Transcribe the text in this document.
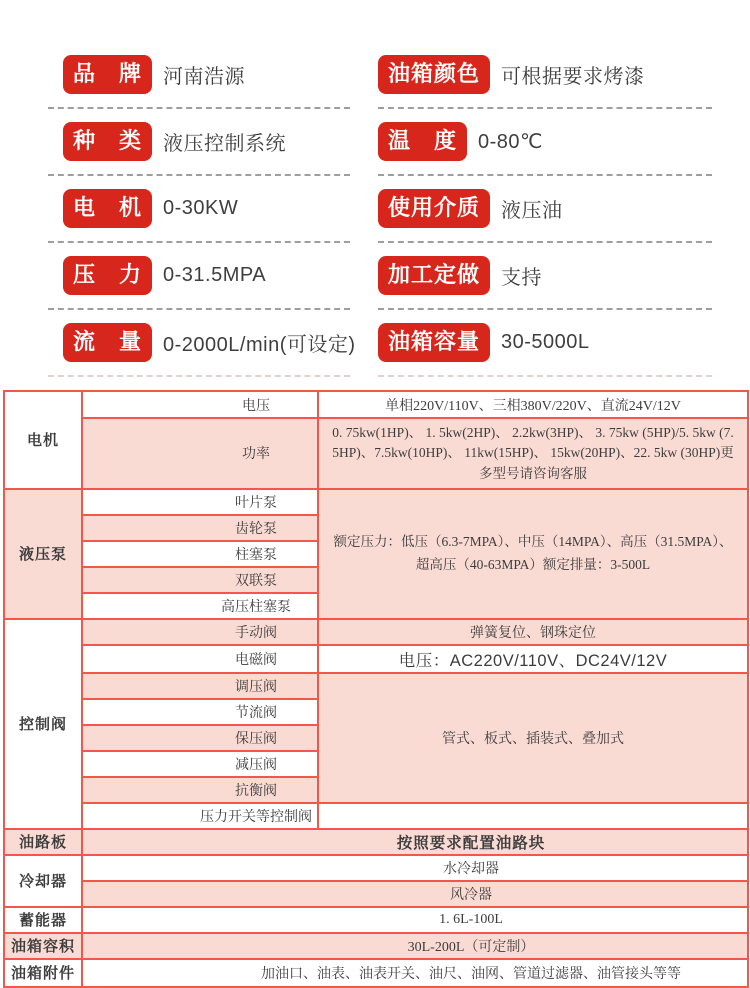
品　牌	河南浩源	油箱颜色	可根据要求烤漆
种　类	液压控制系统	温　度	0-80℃
电　机	0-30KW	使用介质	液压油
压　力	0-31.5MPA	加工定做	支持
流　量	0-2000L/min(可设定)	油箱容量	30-5000L
电机	电压	单相220V/110V、三相380V/220V、直流24V/12V
	功率	0. 75kw(1HP)、 1. 5kw(2HP)、 2.2kw(3HP)、 3. 75kw (5HP)/5. 5kw (7. 5HP)、7.5kw(10HP)、 11kw(15HP)、 15kw(20HP)、22. 5kw (30HP)更多型号请咨询客服
液压泵	叶片泵	额定压力：低压（6.3-7MPA）、中压（14MPA）、高压（31.5MPA）、超高压（40-63MPA）额定排量：3-500L
	齿轮泵	
	柱塞泵	
	双联泵	
	高压柱塞泵	
控制阀	手动阀	弹簧复位、钢珠定位
	电磁阀	电压：AC220V/110V、DC24V/12V
	调压阀	管式、板式、插装式、叠加式
	节流阀	
	保压阀	
	减压阀	
	抗衡阀	
	压力开关等控制阀	
油路板	按照要求配置油路块	
冷却器	水冷却器	
	风冷器	
蓄能器	1. 6L-100L	
油箱容积	30L-200L（可定制）	
油箱附件	加油口、油表、油表开关、油尺、油网、管道过滤器、油管接头等等	
